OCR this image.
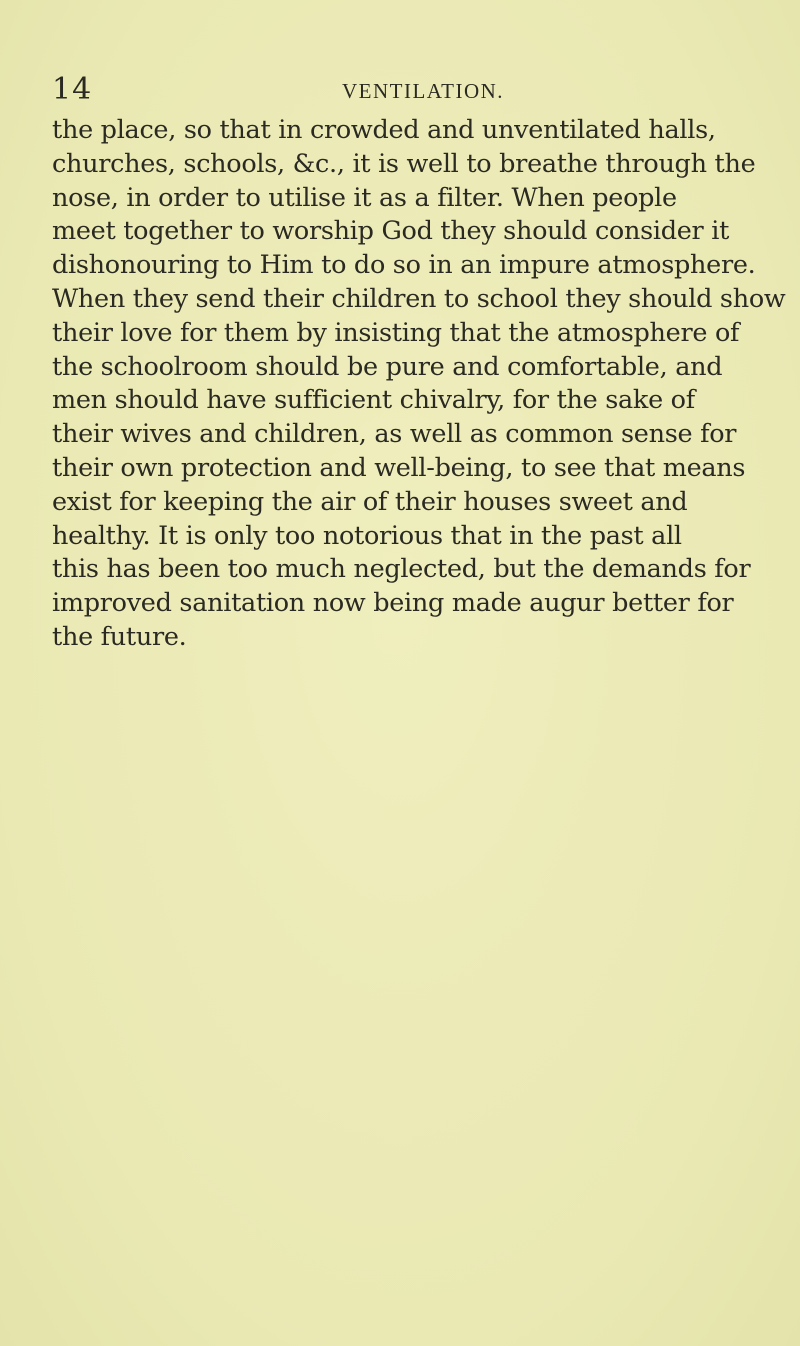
14	VENTILATION.
the place, so that in crowded and unventilated halls,
churches, schools, &c., it is well to breathe through the
nose, in order to utilise it as a filter. When people
meet together to worship God they should consider it
dishonouring to Him to do so in an impure atmosphere.
When they send their children to school they should show
their love for them by insisting that the atmosphere of
the schoolroom should be pure and comfortable, and
men should have sufficient chivalry, for the sake of
their wives and children, as well as common sense for
their own protection and well-being, to see that means
exist for keeping the air of their houses sweet and
healthy. It is only too notorious that in the past all
this has been too much neglected, but the demands for
improved sanitation now being made augur better for
the future.
